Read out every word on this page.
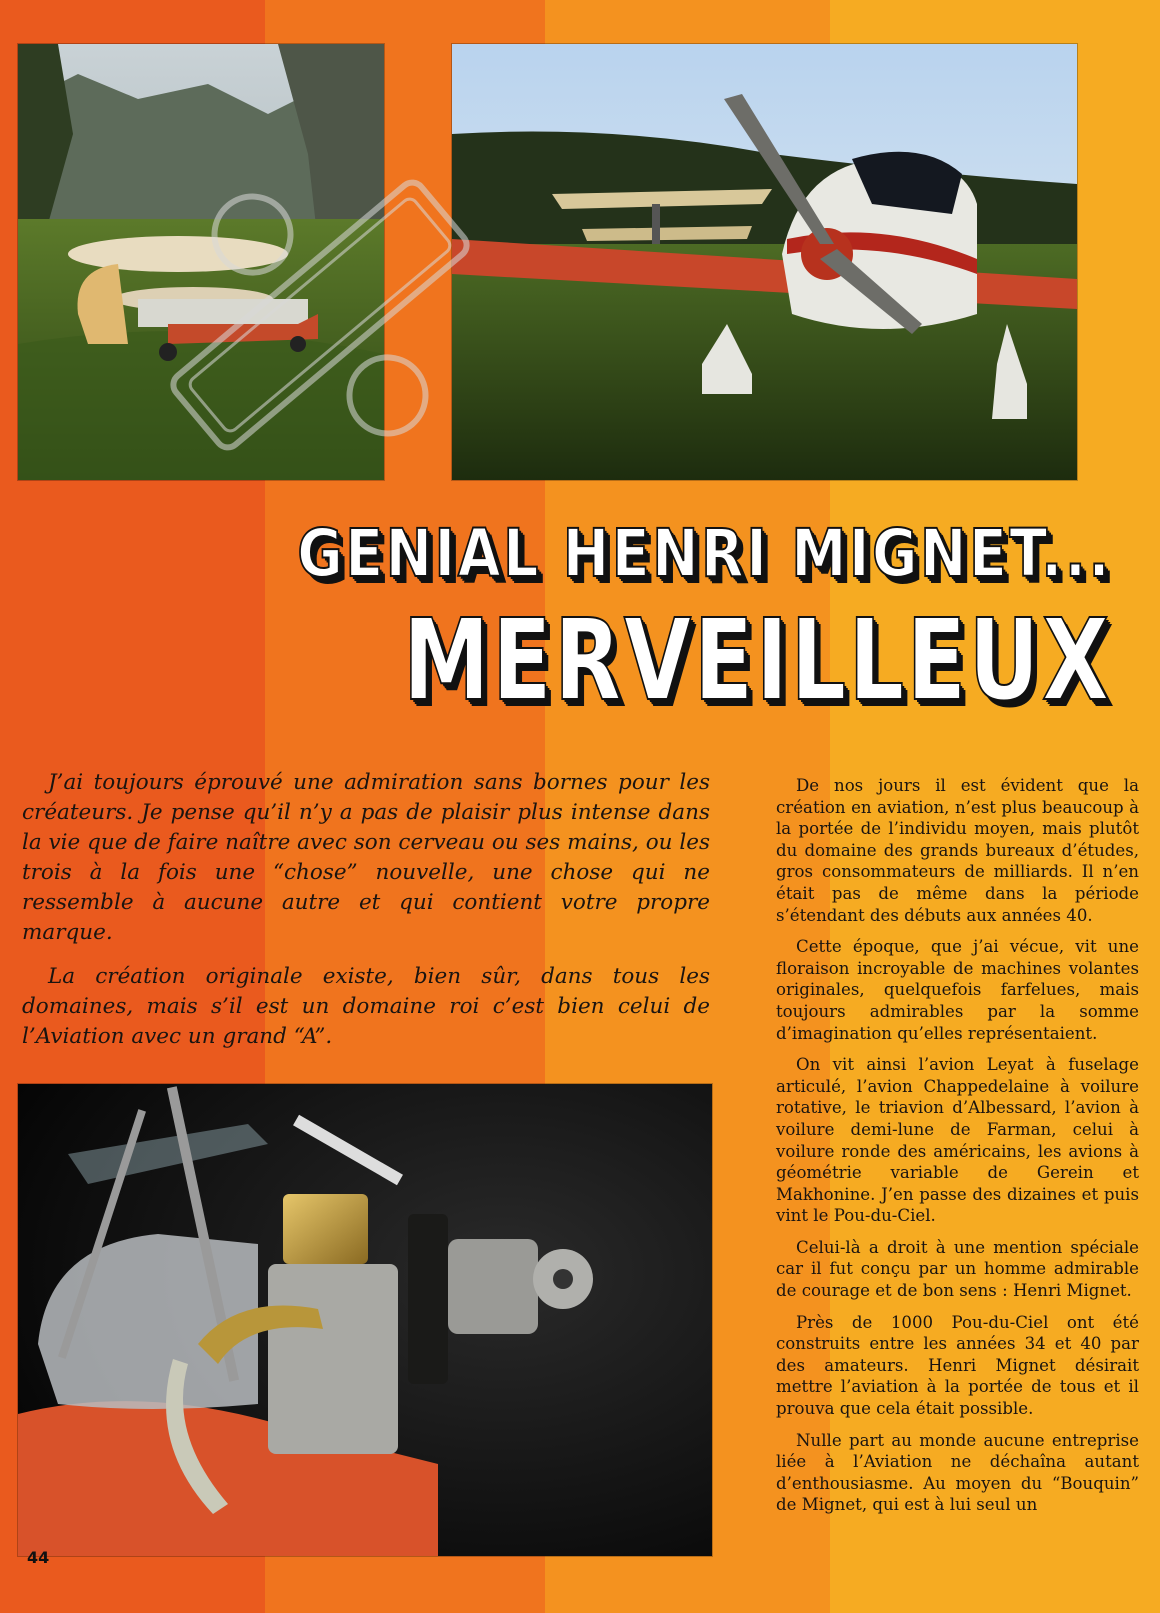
GENIAL HENRI MIGNET...
MERVEILLEUX

J’ai toujours éprouvé une admiration sans bornes pour les créateurs. Je pense qu’il n’y a pas de plaisir plus intense dans la vie que de faire naître avec son cerveau ou ses mains, ou les trois à la fois une “chose” nouvelle, une chose qui ne ressemble à aucune autre et qui contient votre propre marque.

La création originale existe, bien sûr, dans tous les domaines, mais s’il est un domaine roi c’est bien celui de l’Aviation avec un grand “A”.

De nos jours il est évident que la création en aviation, n’est plus beaucoup à la portée de l’individu moyen, mais plutôt du domaine des grands bureaux d’études, gros consommateurs de milliards. Il n’en était pas de même dans la période s’étendant des débuts aux années 40.

Cette époque, que j’ai vécue, vit une floraison incroyable de machines volantes originales, quelquefois farfelues, mais toujours admirables par la somme d’imagination qu’elles représentaient.

On vit ainsi l’avion Leyat à fuselage articulé, l’avion Chappedelaine à voilure rotative, le triavion d’Albessard, l’avion à voilure demi-lune de Farman, celui à voilure ronde des américains, les avions à géométrie variable de Gerein et Makhonine. J’en passe des dizaines et puis vint le Pou-du-Ciel.

Celui-là a droit à une mention spéciale car il fut conçu par un homme admirable de courage et de bon sens : Henri Mignet.

Près de 1000 Pou-du-Ciel ont été construits entre les années 34 et 40 par des amateurs. Henri Mignet désirait mettre l’aviation à la portée de tous et il prouva que cela était possible.

Nulle part au monde aucune entreprise liée à l’Aviation ne déchaîna autant d’enthousiasme. Au moyen du “Bouquin” de Mignet, qui est à lui seul un

44
